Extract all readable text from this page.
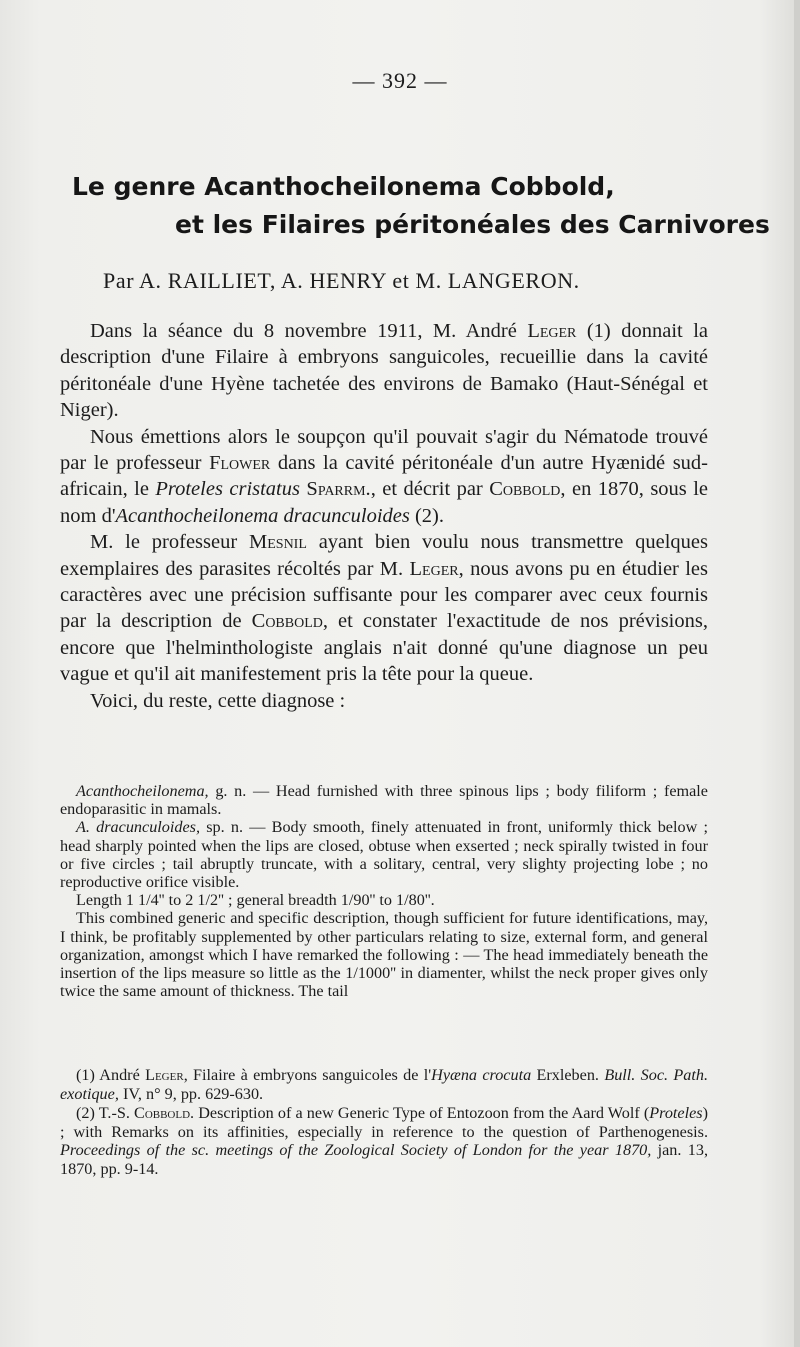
— 392 —
Le genre Acanthocheilonema Cobbold,
et les Filaires péritonéales des Carnivores
Par A. RAILLIET, A. HENRY et M. LANGERON.

Dans la séance du 8 novembre 1911, M. André Leger (1) donnait la description d'une Filaire à embryons sanguicoles, recueillie dans la cavité péritonéale d'une Hyène tachetée des environs de Bamako (Haut-Sénégal et Niger).

Nous émettions alors le soupçon qu'il pouvait s'agir du Nématode trouvé par le professeur Flower dans la cavité péritonéale d'un autre Hyænidé sud-africain, le Proteles cristatus Sparrm., et décrit par Cobbold, en 1870, sous le nom d'Acanthocheilonema dracunculoides (2).

M. le professeur Mesnil ayant bien voulu nous transmettre quelques exemplaires des parasites récoltés par M. Leger, nous avons pu en étudier les caractères avec une précision suffisante pour les comparer avec ceux fournis par la description de Cobbold, et constater l'exactitude de nos prévisions, encore que l'helminthologiste anglais n'ait donné qu'une diagnose un peu vague et qu'il ait manifestement pris la tête pour la queue.

Voici, du reste, cette diagnose :

Acanthocheilonema, g. n. — Head furnished with three spinous lips ; body filiform ; female endoparasitic in mamals.

A. dracunculoides, sp. n. — Body smooth, finely attenuated in front, uniformly thick below ; head sharply pointed when the lips are closed, obtuse when exserted ; neck spirally twisted in four or five circles ; tail abruptly truncate, with a solitary, central, very slighty projecting lobe ; no reproductive orifice visible.

Length 1 1/4'' to 2 1/2'' ; general breadth 1/90'' to 1/80''.

This combined generic and specific description, though sufficient for future identifications, may, I think, be profitably supplemented by other particulars relating to size, external form, and general organization, amongst which I have remarked the following : — The head immediately beneath the insertion of the lips measure so little as the 1/1000'' in diamenter, whilst the neck proper gives only twice the same amount of thickness. The tail

(1) André Leger, Filaire à embryons sanguicoles de l'Hyæna crocuta Erxleben. Bull. Soc. Path. exotique, IV, n° 9, pp. 629-630.

(2) T.-S. Cobbold. Description of a new Generic Type of Entozoon from the Aard Wolf (Proteles) ; with Remarks on its affinities, especially in reference to the question of Parthenogenesis. Proceedings of the sc. meetings of the Zoological Society of London for the year 1870, jan. 13, 1870, pp. 9-14.
